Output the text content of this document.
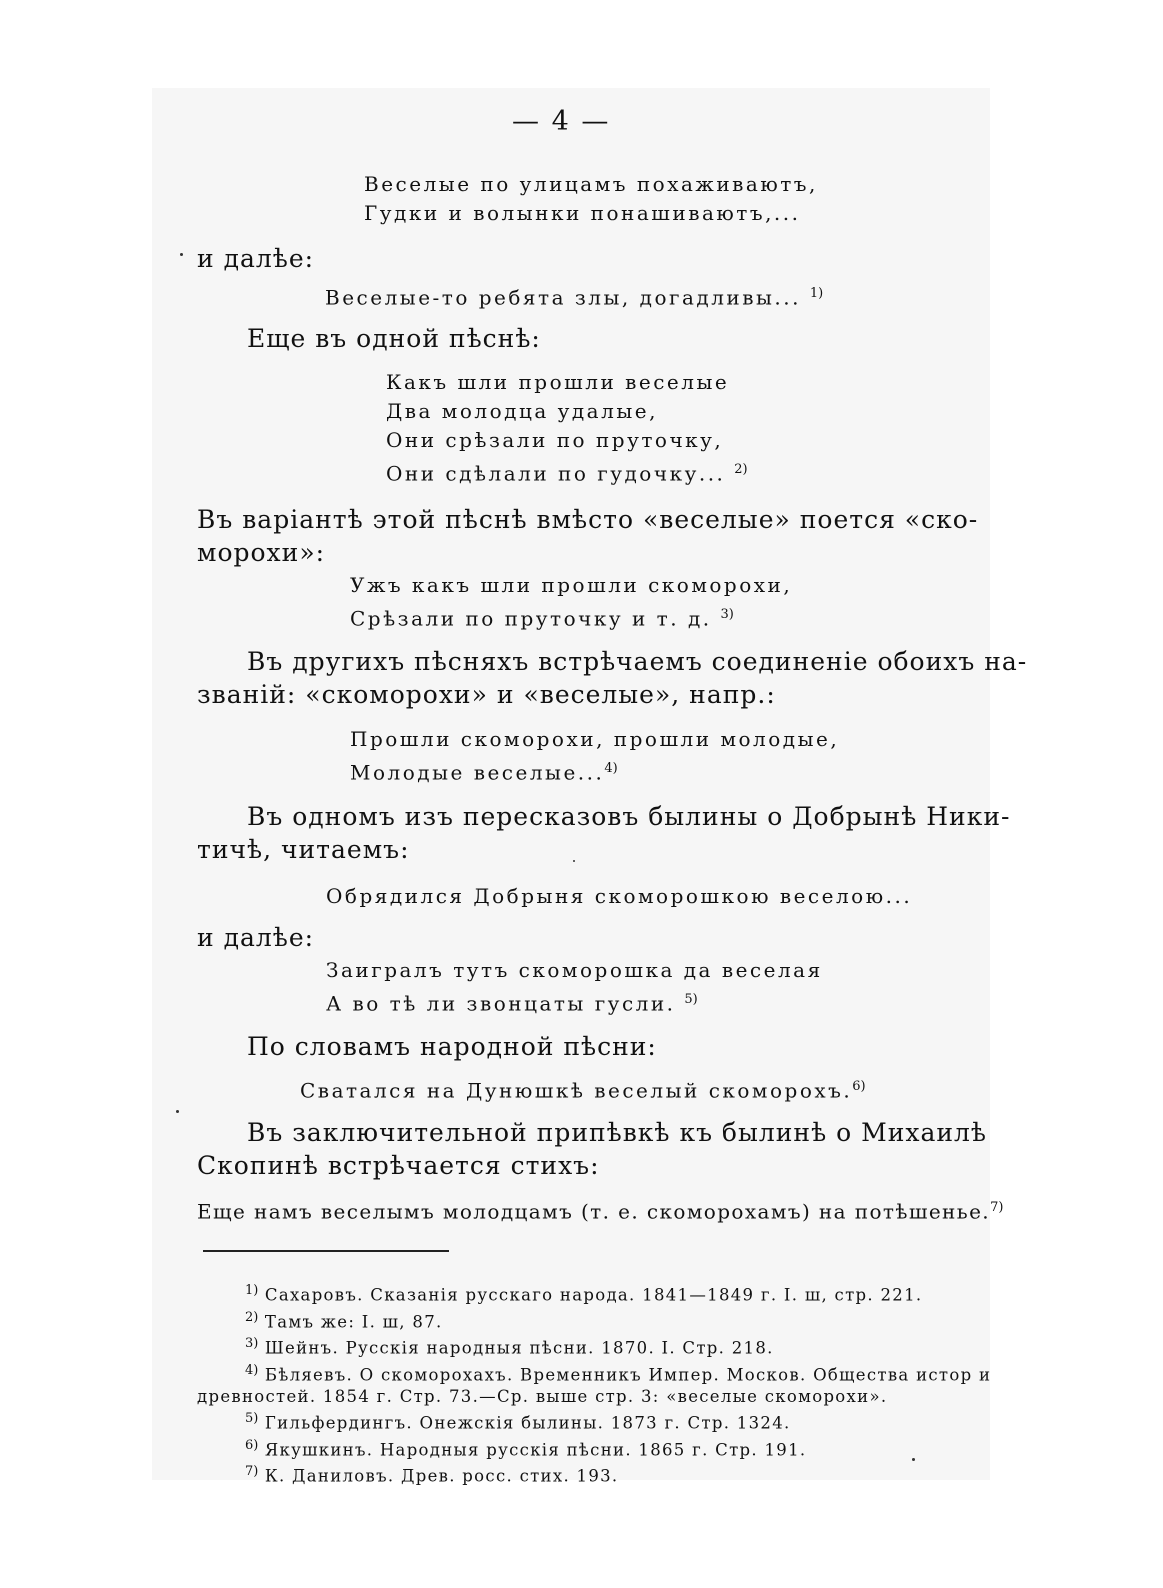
— 4 —
Веселые по улицамъ похаживаютъ,
Гудки и волынки понашиваютъ,...
и далѣе:
Веселые-то ребята злы, догадливы... $^{1)}$
Еще въ одной пѣснѣ:
Какъ шли прошли веселые
Два молодца удалые,
Они срѣзали по пруточку,
Они сдѣлали по гудочку... $^{2)}$
Въ варіантѣ этой пѣснѣ вмѣсто «веселые» поется «ско-
морохи»:
Ужъ какъ шли прошли скоморохи,
Срѣзали по пруточку и т. д. $^{3)}$
Въ другихъ пѣсняхъ встрѣчаемъ соединеніе обоихъ на-
званій: «скоморохи» и «веселые», напр.:
Прошли скоморохи, прошли молодые,
Молодые веселые...$^{4)}$
Въ одномъ изъ пересказовъ былины о Добрынѣ Ники-
тичѣ, читаемъ:
Обрядился Добрыня скоморошкою веселою...
и далѣе:
Заигралъ тутъ скоморошка да веселая
А во тѣ ли звонцаты гусли. $^{5)}$
По словамъ народной пѣсни:
Сватался на Дунюшкѣ веселый скоморохъ.$^{6)}$
Въ заключительной припѣвкѣ къ былинѣ о Михаилѣ
Скопинѣ встрѣчается стихъ:
Еще намъ веселымъ молодцамъ (т. е. скоморохамъ) на потѣшенье.$^{7)}$
$^{1)}$ Сахаровъ. Сказанія русскаго народа. 1841—1849 г. I. ш, стр. 221.
$^{2)}$ Тамъ же: I. ш, 87.
$^{3)}$ Шейнъ. Русскія народныя пѣсни. 1870. I. Стр. 218.
$^{4)}$ Бѣляевъ. О скоморохахъ. Временникъ Импер. Москов. Общества истор и
древностей. 1854 г. Стр. 73.—Ср. выше стр. 3: «веселые скоморохи».
$^{5)}$ Гильфердингъ. Онежскія былины. 1873 г. Стр. 1324.
$^{6)}$ Якушкинъ. Народныя русскія пѣсни. 1865 г. Стр. 191.
$^{7)}$ К. Даниловъ. Древ. росс. стих. 193.
